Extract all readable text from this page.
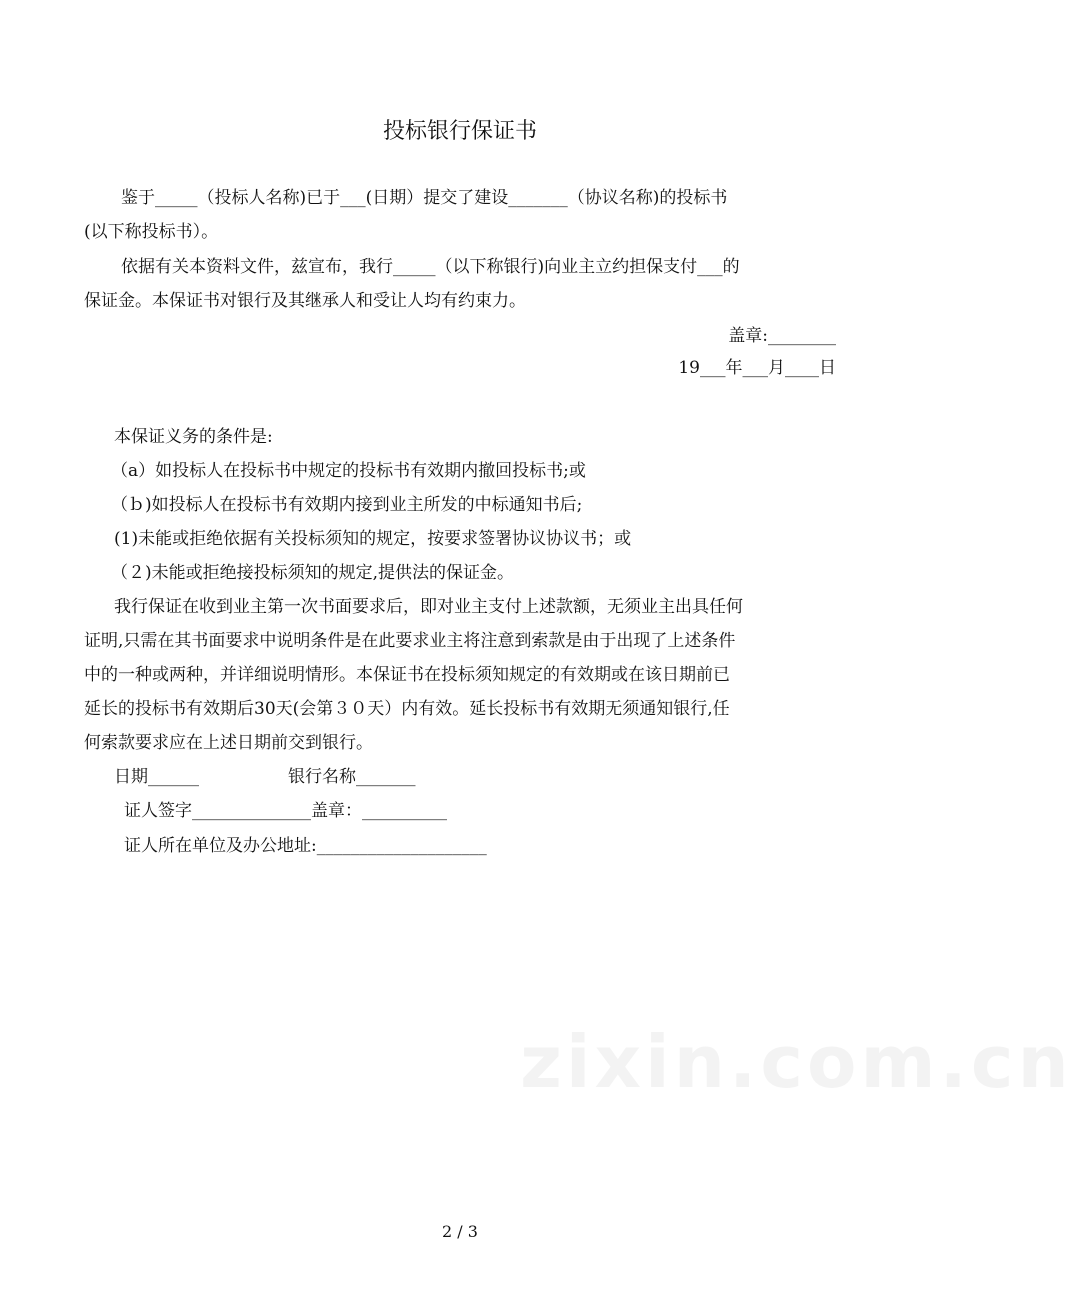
zixin.com.cn
投标银行保证书
鉴于_____（投标人名称)已于___(日期）提交了建设_______（协议名称)的投标书
(以下称投标书）。
依据有关本资料文件，兹宣布，我行_____（以下称银行)向业主立约担保支付___的
保证金。本保证书对银行及其继承人和受让人均有约束力。
盖章:________
19___年___月____日
本保证义务的条件是:
（a）如投标人在投标书中规定的投标书有效期内撤回投标书;或
（ｂ)如投标人在投标书有效期内接到业主所发的中标通知书后;
(1)未能或拒绝依据有关投标须知的规定，按要求签署协议协议书；或
（２)未能或拒绝接投标须知的规定,提供法的保证金。
我行保证在收到业主第一次书面要求后，即对业主支付上述款额，无须业主出具任何
证明,只需在其书面要求中说明条件是在此要求业主将注意到索款是由于出现了上述条件
中的一种或两种，并详细说明情形。本保证书在投标须知规定的有效期或在该日期前已
延长的投标书有效期后30天(会第３０天）内有效。延长投标书有效期无须通知银行,任
何索款要求应在上述日期前交到银行。
日期______	银行名称_______
证人签字______________盖章：__________
证人所在单位及办公地址:____________________
2 / 3
